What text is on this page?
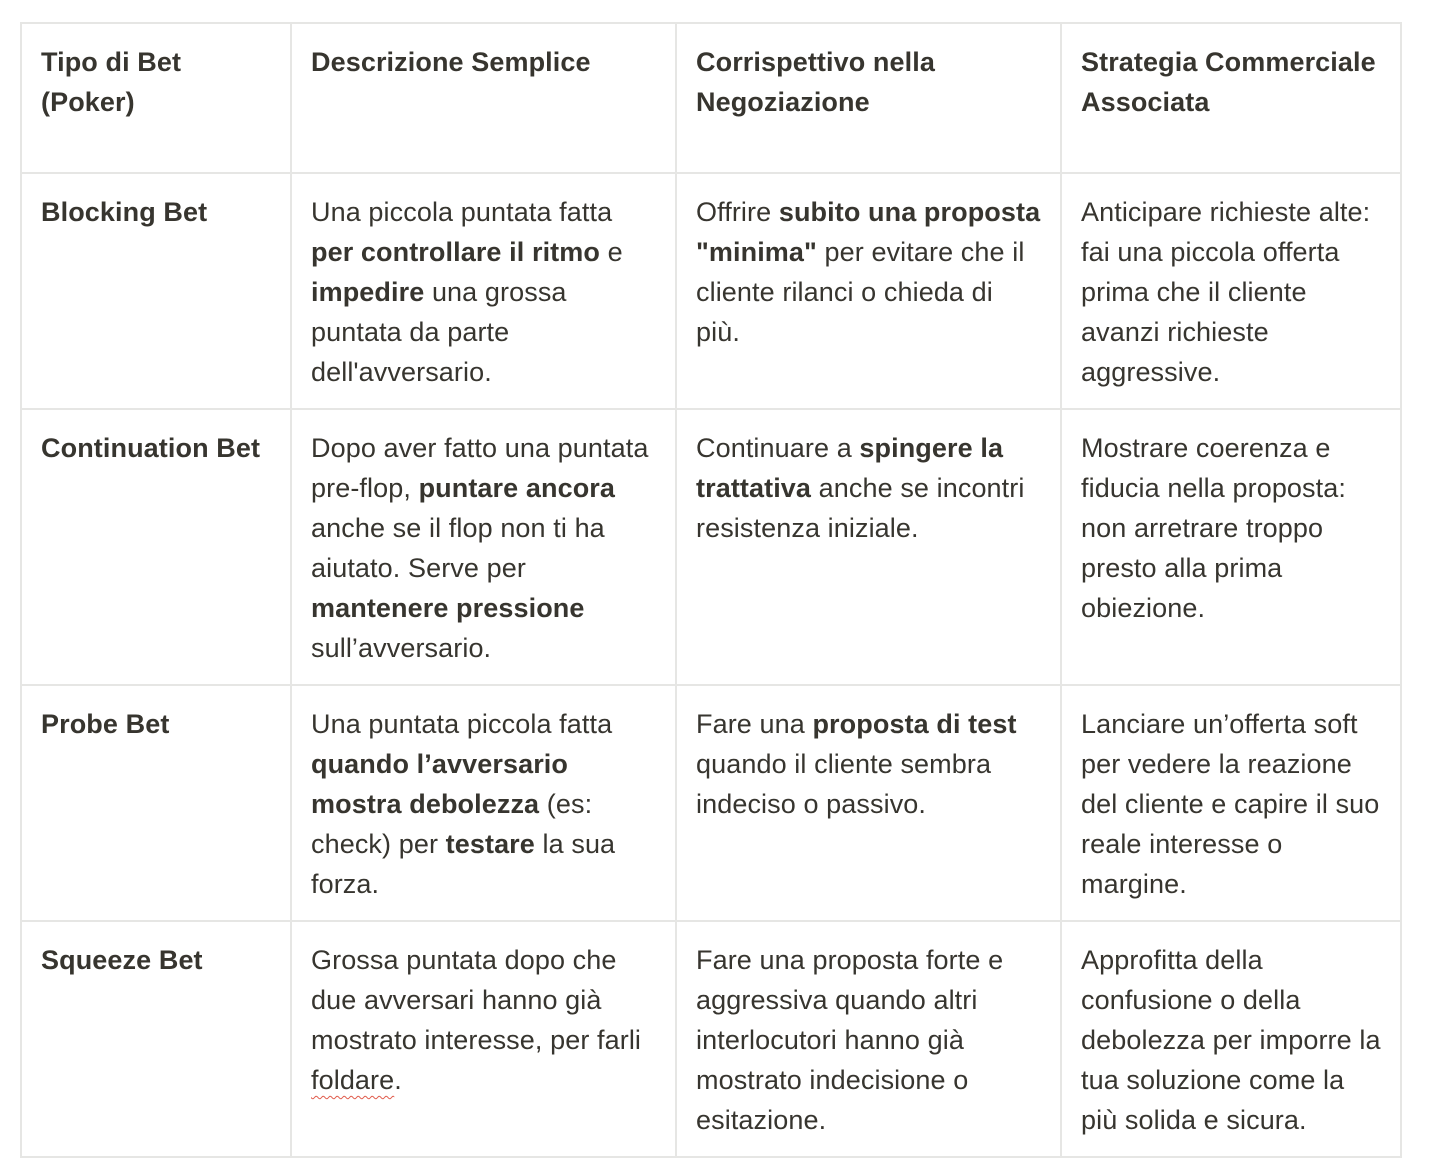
Tipo di Bet (Poker)	Descrizione Semplice	Corrispettivo nella Negoziazione	Strategia Commerciale Associata
Blocking Bet	Una piccola puntata fatta per controllare il ritmo e impedire una grossa puntata da parte dell'avversario.	Offrire subito una proposta "minima" per evitare che il cliente rilanci o chieda di più.	Anticipare richieste alte: fai una piccola offerta prima che il cliente avanzi richieste aggressive.
Continuation Bet	Dopo aver fatto una puntata pre-flop, puntare ancora anche se il flop non ti ha aiutato. Serve per mantenere pressione sull’avversario.	Continuare a spingere la trattativa anche se incontri resistenza iniziale.	Mostrare coerenza e fiducia nella proposta: non arretrare troppo presto alla prima obiezione.
Probe Bet	Una puntata piccola fatta quando l’avversario mostra debolezza (es: check) per testare la sua forza.	Fare una proposta di test quando il cliente sembra indeciso o passivo.	Lanciare un’offerta soft per vedere la reazione del cliente e capire il suo reale interesse o margine.
Squeeze Bet	Grossa puntata dopo che due avversari hanno già mostrato interesse, per farli foldare.	Fare una proposta forte e aggressiva quando altri interlocutori hanno già mostrato indecisione o esitazione.	Approfitta della confusione o della debolezza per imporre la tua soluzione come la più solida e sicura.
